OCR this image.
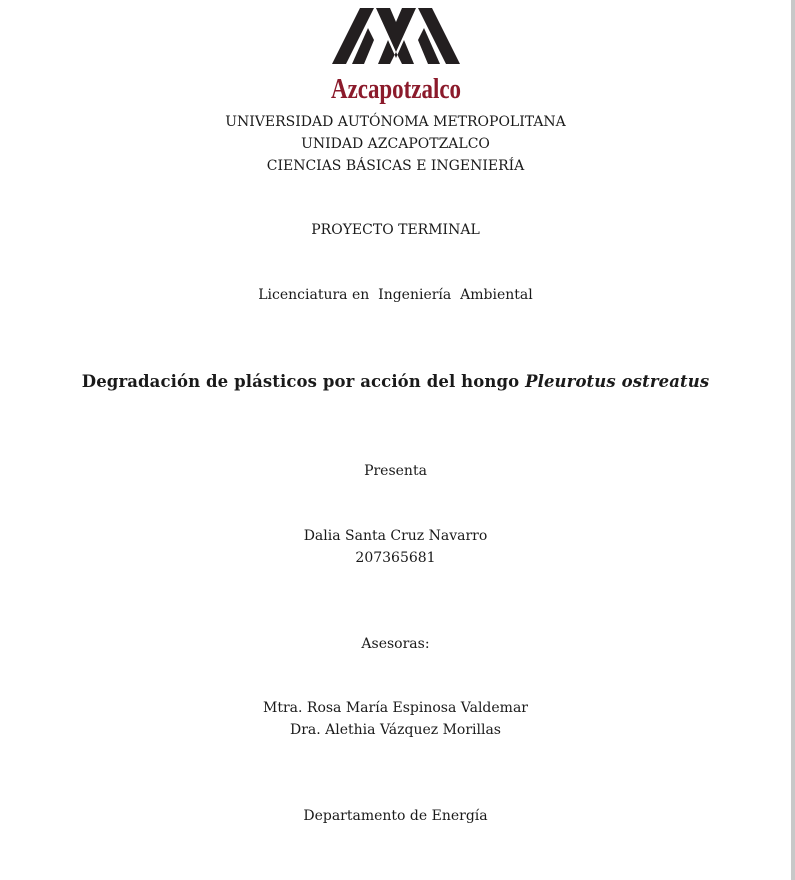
Azcapotzalco
UNIVERSIDAD AUTÓNOMA METROPOLITANA
UNIDAD AZCAPOTZALCO
CIENCIAS BÁSICAS E INGENIERÍA
PROYECTO TERMINAL
Licenciatura en  Ingeniería  Ambiental
Degradación de plásticos por acción del hongo Pleurotus ostreatus
Presenta
Dalia Santa Cruz Navarro
207365681
Asesoras:
Mtra. Rosa María Espinosa Valdemar
Dra. Alethia Vázquez Morillas
Departamento de Energía
